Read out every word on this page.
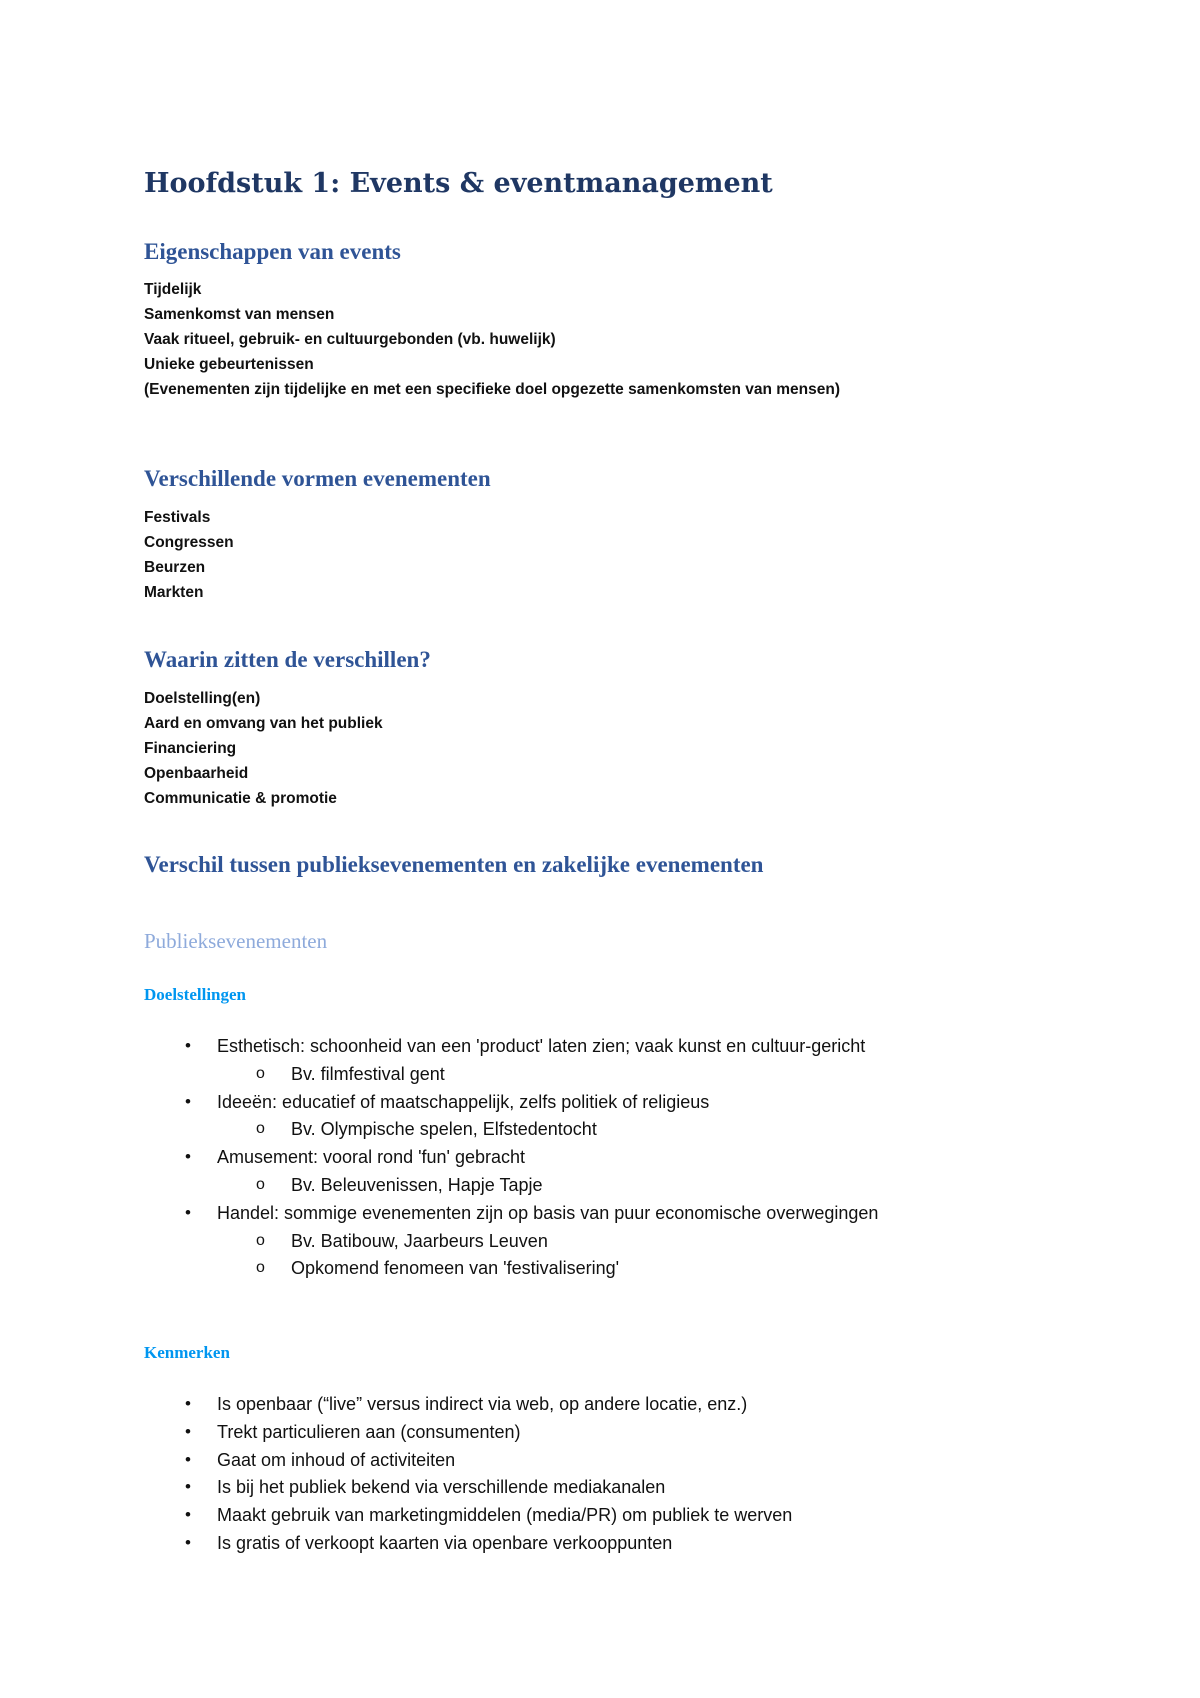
Hoofdstuk 1: Events & eventmanagement
Eigenschappen van events
Tijdelijk
Samenkomst van mensen
Vaak ritueel, gebruik- en cultuurgebonden (vb. huwelijk)
Unieke gebeurtenissen
(Evenementen zijn tijdelijke en met een specifieke doel opgezette samenkomsten van mensen)
Verschillende vormen evenementen
Festivals
Congressen
Beurzen
Markten
Waarin zitten de verschillen?
Doelstelling(en)
Aard en omvang van het publiek
Financiering
Openbaarheid
Communicatie & promotie
Verschil tussen publieksevenementen en zakelijke evenementen
Publieksevenementen
Doelstellingen
• Esthetisch: schoonheid van een 'product' laten zien; vaak kunst en cultuur-gericht
o Bv. filmfestival gent
• Ideeën: educatief of maatschappelijk, zelfs politiek of religieus
o Bv. Olympische spelen, Elfstedentocht
• Amusement: vooral rond 'fun' gebracht
o Bv. Beleuvenissen, Hapje Tapje
• Handel: sommige evenementen zijn op basis van puur economische overwegingen
o Bv. Batibouw, Jaarbeurs Leuven
o Opkomend fenomeen van 'festivalisering'
Kenmerken
• Is openbaar (“live” versus indirect via web, op andere locatie, enz.)
• Trekt particulieren aan (consumenten)
• Gaat om inhoud of activiteiten
• Is bij het publiek bekend via verschillende mediakanalen
• Maakt gebruik van marketingmiddelen (media/PR) om publiek te werven
• Is gratis of verkoopt kaarten via openbare verkooppunten
